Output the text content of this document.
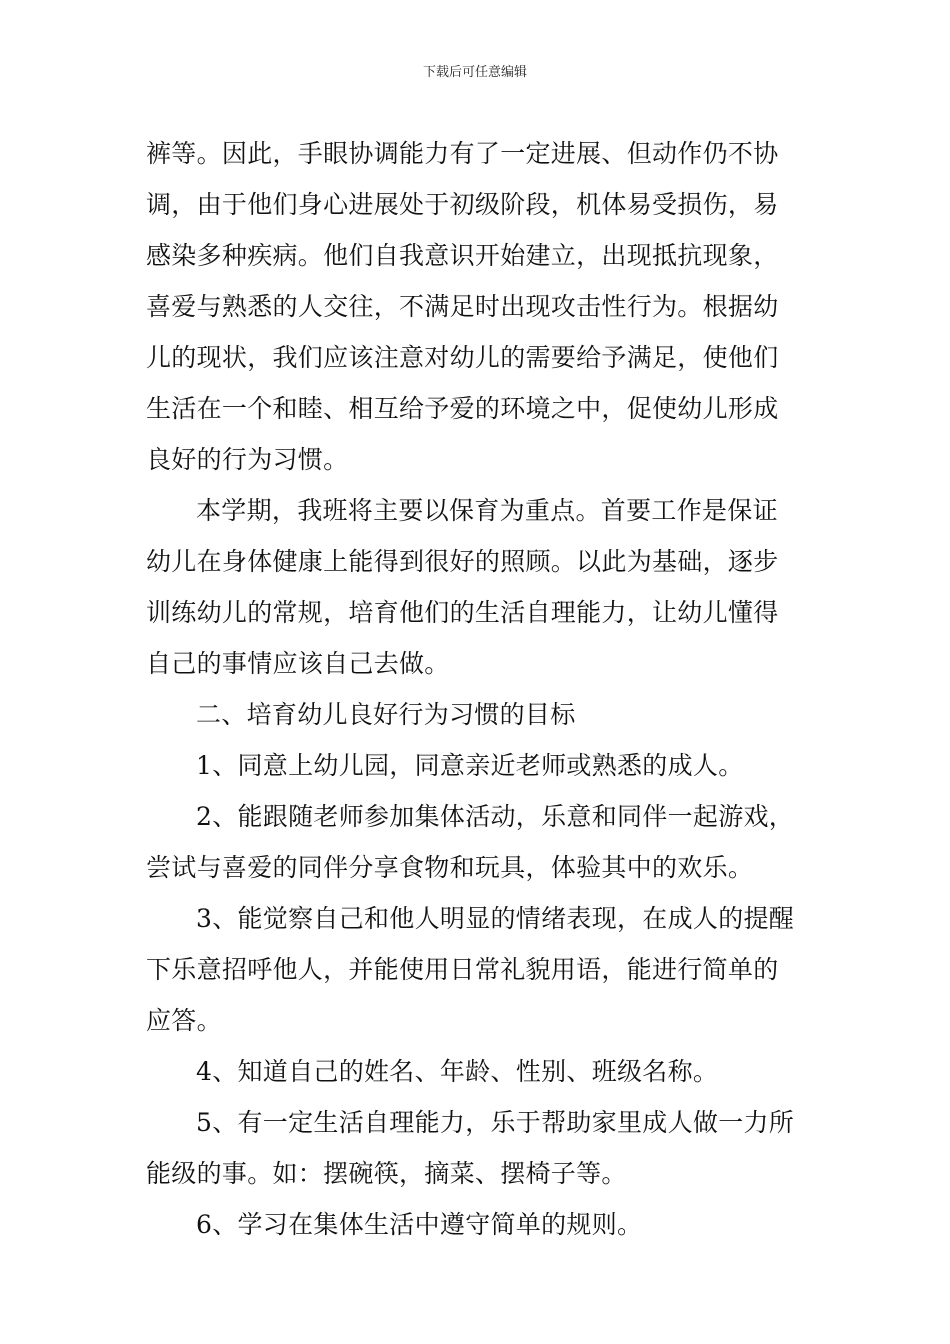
下载后可任意编辑
裤等。因此，手眼协调能力有了一定进展、但动作仍不协
调，由于他们身心进展处于初级阶段，机体易受损伤，易
感染多种疾病。他们自我意识开始建立，出现抵抗现象，
喜爱与熟悉的人交往，不满足时出现攻击性行为。根据幼
儿的现状，我们应该注意对幼儿的需要给予满足，使他们
生活在一个和睦、相互给予爱的环境之中，促使幼儿形成
良好的行为习惯。
本学期，我班将主要以保育为重点。首要工作是保证
幼儿在身体健康上能得到很好的照顾。以此为基础，逐步
训练幼儿的常规，培育他们的生活自理能力，让幼儿懂得
自己的事情应该自己去做。
二、培育幼儿良好行为习惯的目标
1、同意上幼儿园，同意亲近老师或熟悉的成人。
2、能跟随老师参加集体活动，乐意和同伴一起游戏，
尝试与喜爱的同伴分享食物和玩具，体验其中的欢乐。
3、能觉察自己和他人明显的情绪表现，在成人的提醒
下乐意招呼他人，并能使用日常礼貌用语，能进行简单的
应答。
4、知道自己的姓名、年龄、性别、班级名称。
5、有一定生活自理能力，乐于帮助家里成人做一力所
能级的事。如：摆碗筷，摘菜、摆椅子等。
6、学习在集体生活中遵守简单的规则。
